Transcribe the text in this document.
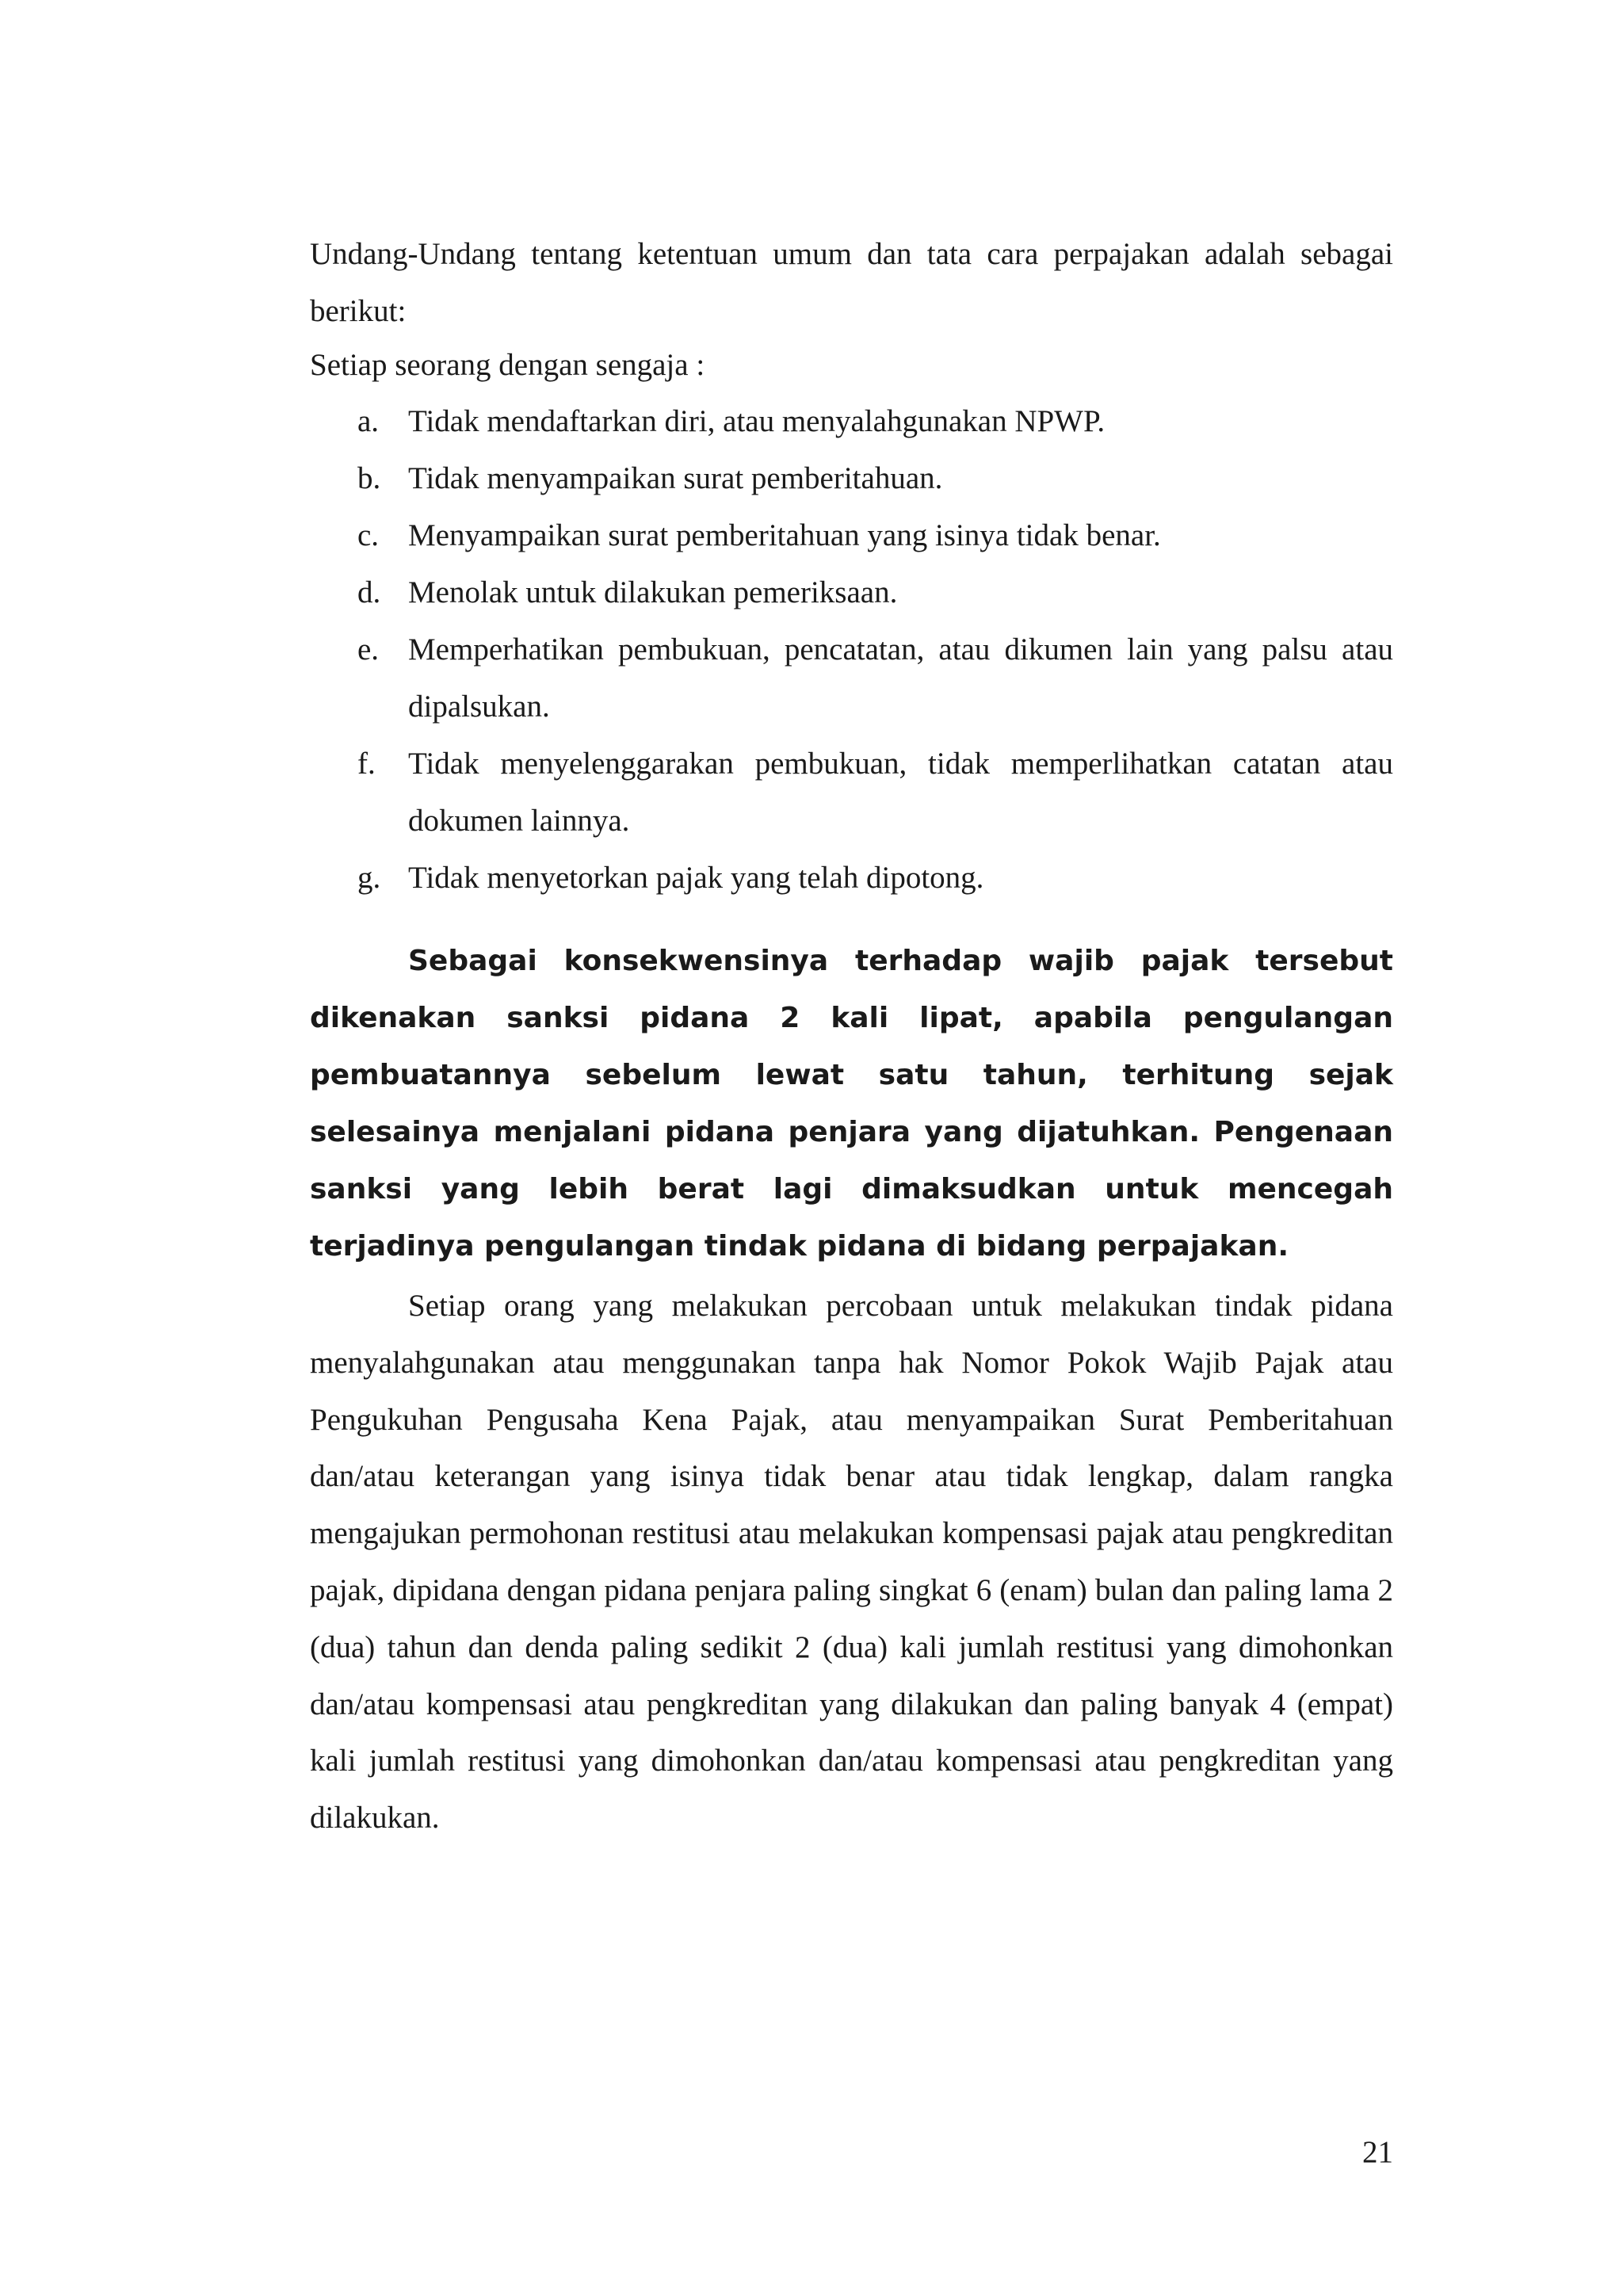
Undang-Undang tentang ketentuan umum dan tata cara perpajakan adalah sebagai berikut:

Setiap seorang dengan sengaja :

a. Tidak mendaftarkan diri, atau menyalahgunakan NPWP.
b. Tidak menyampaikan surat pemberitahuan.
c. Menyampaikan surat pemberitahuan yang isinya tidak benar.
d. Menolak untuk dilakukan pemeriksaan.
e. Memperhatikan pembukuan, pencatatan, atau dikumen lain yang palsu atau dipalsukan.
f.	Tidak menyelenggarakan pembukuan, tidak memperlihatkan catatan atau dokumen lainnya.
g. Tidak menyetorkan pajak yang telah dipotong.

Sebagai konsekwensinya terhadap wajib pajak tersebut dikenakan sanksi pidana 2 kali lipat, apabila pengulangan pembuatannya sebelum lewat satu tahun, terhitung sejak selesainya menjalani pidana penjara yang dijatuhkan. Pengenaan sanksi yang lebih berat lagi dimaksudkan untuk mencegah terjadinya pengulangan tindak pidana di bidang perpajakan.

Setiap orang yang melakukan percobaan untuk melakukan tindak pidana menyalahgunakan atau menggunakan tanpa hak Nomor Pokok Wajib Pajak atau Pengukuhan Pengusaha Kena Pajak, atau menyampaikan Surat Pemberitahuan dan/atau keterangan yang isinya tidak benar atau tidak lengkap, dalam rangka mengajukan permohonan restitusi atau melakukan kompensasi pajak atau pengkreditan pajak, dipidana dengan pidana penjara paling singkat 6 (enam) bulan dan paling lama 2 (dua) tahun dan denda paling sedikit 2 (dua) kali jumlah restitusi yang dimohonkan dan/atau kompensasi atau pengkreditan yang dilakukan dan paling banyak 4 (empat) kali jumlah restitusi yang dimohonkan dan/atau kompensasi atau pengkreditan yang dilakukan.

21
